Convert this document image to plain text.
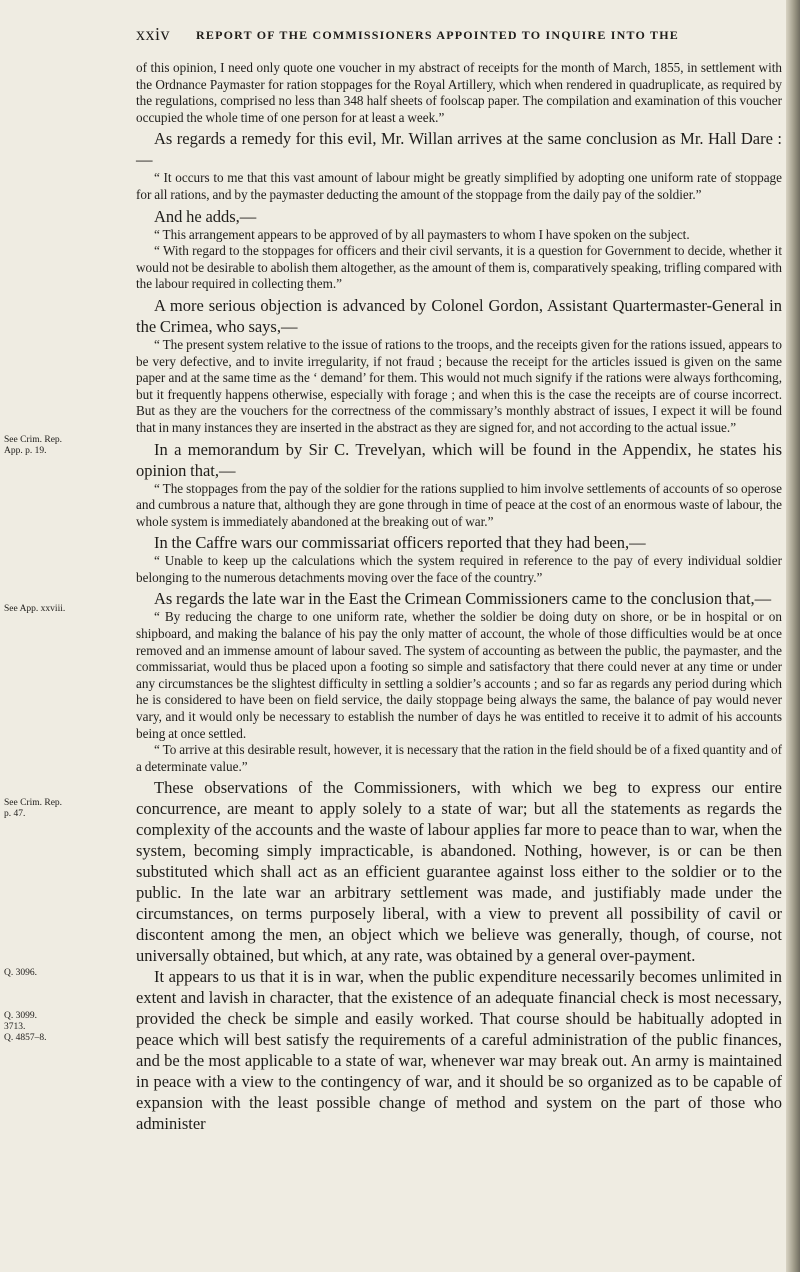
xxiv REPORT OF THE COMMISSIONERS APPOINTED TO INQUIRE INTO THE
See Crim. Rep.
App. p. 19.
See App. xxviii.
See Crim. Rep.
p. 47.
Q. 3096.
Q. 3099.
3713.
Q. 4857–8.

of this opinion, I need only quote one voucher in my abstract of receipts for the month of March, 1855, in settlement with the Ordnance Paymaster for ration stoppages for the Royal Artillery, which when rendered in quadruplicate, as required by the regulations, comprised no less than 348 half sheets of foolscap paper. The compilation and examination of this voucher occupied the whole time of one person for at least a week.”

As regards a remedy for this evil, Mr. Willan arrives at the same conclusion as Mr. Hall Dare :—

“ It occurs to me that this vast amount of labour might be greatly simplified by adopting one uniform rate of stoppage for all rations, and by the paymaster deducting the amount of the stoppage from the daily pay of the soldier.”

And he adds,—

“ This arrangement appears to be approved of by all paymasters to whom I have spoken on the subject.

“ With regard to the stoppages for officers and their civil servants, it is a question for Government to decide, whether it would not be desirable to abolish them altogether, as the amount of them is, comparatively speaking, trifling compared with the labour required in collecting them.”

A more serious objection is advanced by Colonel Gordon, Assistant Quartermaster-General in the Crimea, who says,—

“ The present system relative to the issue of rations to the troops, and the receipts given for the rations issued, appears to be very defective, and to invite irregularity, if not fraud ; because the receipt for the articles issued is given on the same paper and at the same time as the ‘ demand’ for them. This would not much signify if the rations were always forthcoming, but it frequently happens otherwise, especially with forage ; and when this is the case the receipts are of course incorrect. But as they are the vouchers for the correctness of the commissary’s monthly abstract of issues, I expect it will be found that in many instances they are inserted in the abstract as they are signed for, and not according to the actual issue.”

In a memorandum by Sir C. Trevelyan, which will be found in the Appendix, he states his opinion that,—

“ The stoppages from the pay of the soldier for the rations supplied to him involve settlements of accounts of so operose and cumbrous a nature that, although they are gone through in time of peace at the cost of an enormous waste of labour, the whole system is immediately abandoned at the breaking out of war.”

In the Caffre wars our commissariat officers reported that they had been,—

“ Unable to keep up the calculations which the system required in reference to the pay of every individual soldier belonging to the numerous detachments moving over the face of the country.”

As regards the late war in the East the Crimean Commissioners came to the conclusion that,—

“ By reducing the charge to one uniform rate, whether the soldier be doing duty on shore, or be in hospital or on shipboard, and making the balance of his pay the only matter of account, the whole of those difficulties would be at once removed and an immense amount of labour saved. The system of accounting as between the public, the paymaster, and the commissariat, would thus be placed upon a footing so simple and satisfactory that there could never at any time or under any circumstances be the slightest difficulty in settling a soldier’s accounts ; and so far as regards any period during which he is considered to have been on field service, the daily stoppage being always the same, the balance of pay would never vary, and it would only be necessary to establish the number of days he was entitled to receive it to admit of his accounts being at once settled.

“ To arrive at this desirable result, however, it is necessary that the ration in the field should be of a fixed quantity and of a determinate value.”

These observations of the Commissioners, with which we beg to express our entire concurrence, are meant to apply solely to a state of war; but all the statements as regards the complexity of the accounts and the waste of labour applies far more to peace than to war, when the system, becoming simply impracticable, is abandoned. Nothing, however, is or can be then substituted which shall act as an efficient guarantee against loss either to the soldier or to the public. In the late war an arbitrary settlement was made, and justifiably made under the circumstances, on terms purposely liberal, with a view to prevent all possibility of cavil or discontent among the men, an object which we believe was generally, though, of course, not universally obtained, but which, at any rate, was obtained by a general over-payment.

It appears to us that it is in war, when the public expenditure necessarily becomes unlimited in extent and lavish in character, that the existence of an adequate financial check is most necessary, provided the check be simple and easily worked. That course should be habitually adopted in peace which will best satisfy the requirements of a careful administration of the public finances, and be the most applicable to a state of war, whenever war may break out. An army is maintained in peace with a view to the contingency of war, and it should be so organized as to be capable of expansion with the least possible change of method and system on the part of those who administer
